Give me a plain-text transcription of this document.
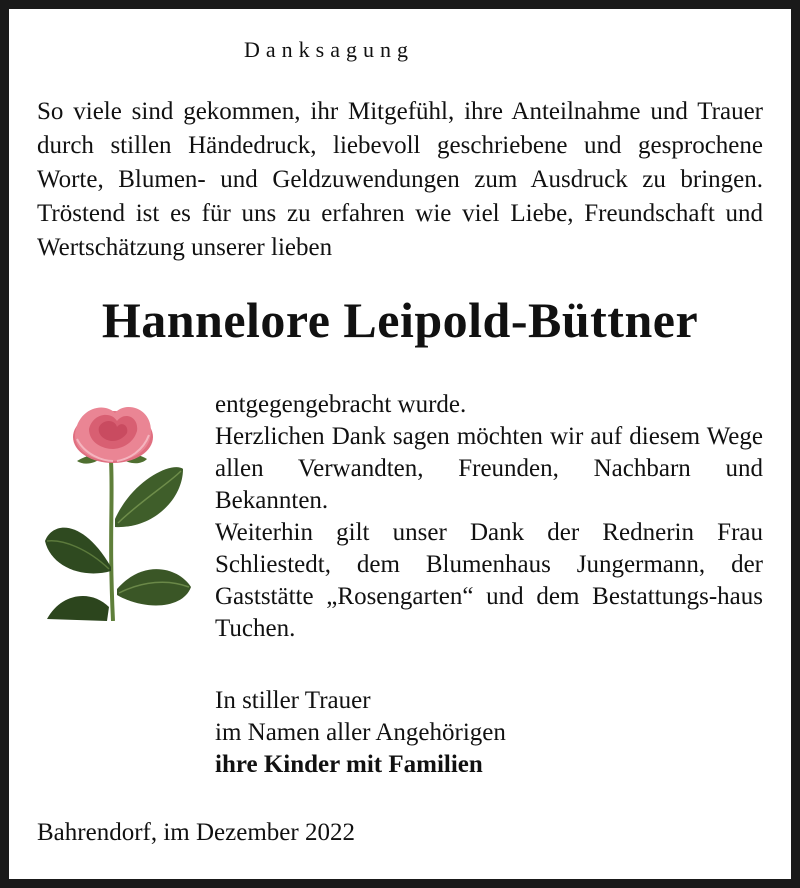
Danksagung

So viele sind gekommen, ihr Mitgefühl, ihre Anteilnahme und Trauer durch stillen Händedruck, liebevoll geschriebene und gesprochene Worte, Blumen- und Geldzuwendungen zum Ausdruck zu bringen. Tröstend ist es für uns zu erfahren wie viel Liebe, Freundschaft und Wertschätzung unserer lieben

Hannelore Leipold-Büttner

entgegengebracht wurde.

Herzlichen Dank sagen möchten wir auf diesem Wege allen Verwandten, Freunden, Nachbarn und Bekannten.

Weiterhin gilt unser Dank der Rednerin Frau Schliestedt, dem Blumenhaus Jungermann, der Gaststätte „Rosengarten“ und dem Bestattungs-haus Tuchen.

In stiller Trauer

im Namen aller Angehörigen

ihre Kinder mit Familien

Bahrendorf, im Dezember 2022
